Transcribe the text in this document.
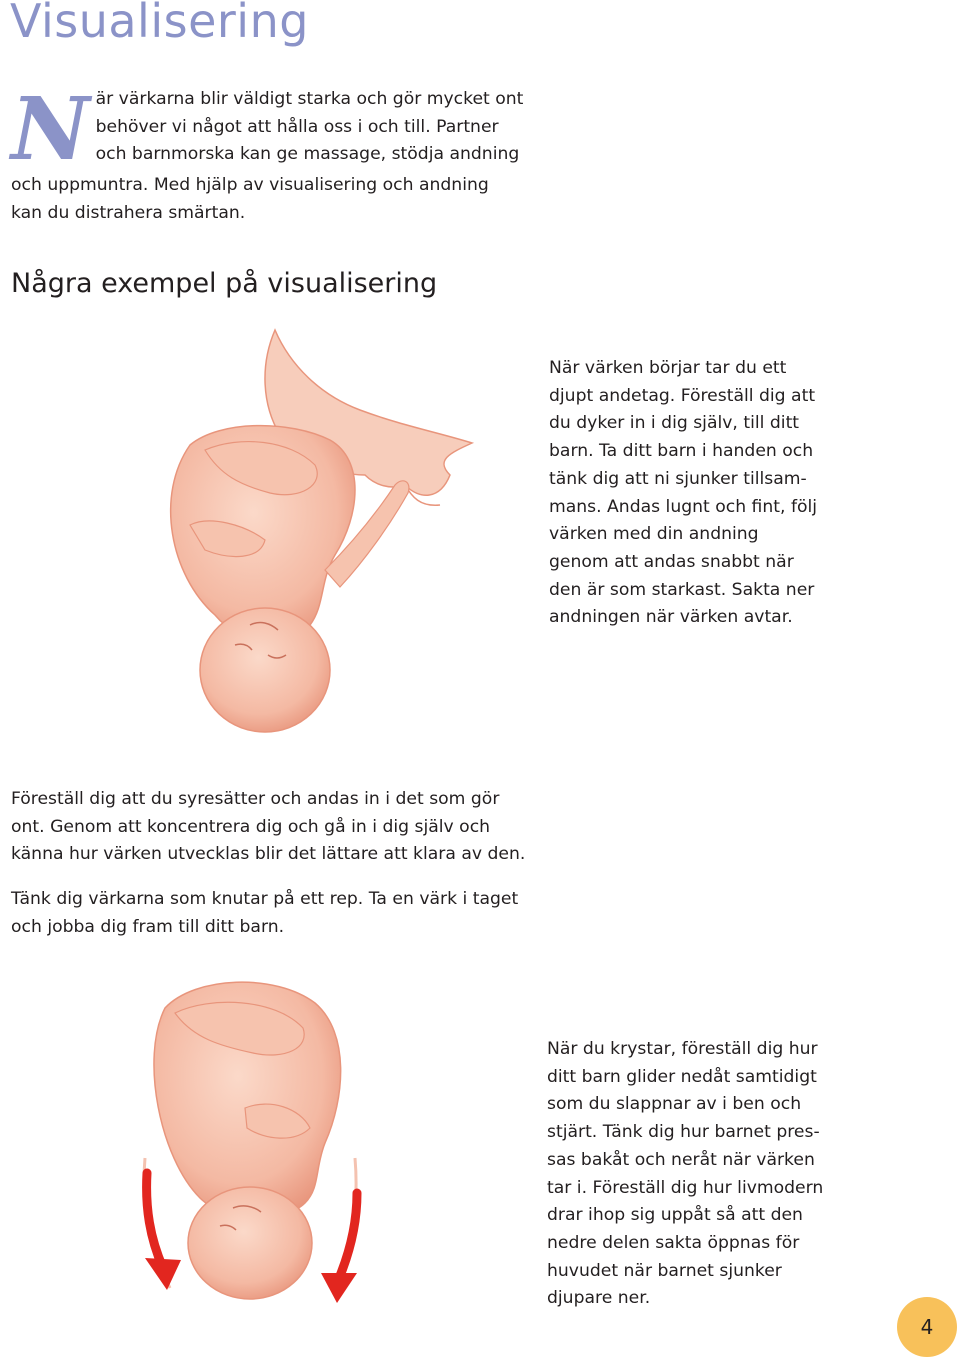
Visualisering
N är värkarna blir väldigt starka och gör mycket ont
behöver vi något att hålla oss i och till. Partner
och barnmorska kan ge massage, stödja andning
och uppmuntra. Med hjälp av visualisering och andning
kan du distrahera smärtan.
Några exempel på visualisering
När värken börjar tar du ett
djupt andetag. Föreställ dig att
du dyker in i dig själv, till ditt
barn. Ta ditt barn i handen och
tänk dig att ni sjunker tillsam-
mans. Andas lugnt och fint, följ
värken med din andning
genom att andas snabbt när
den är som starkast. Sakta ner
andningen när värken avtar.
Föreställ dig att du syresätter och andas in i det som gör
ont. Genom att koncentrera dig och gå in i dig själv och
känna hur värken utvecklas blir det lättare att klara av den.
Tänk dig värkarna som knutar på ett rep. Ta en värk i taget
och jobba dig fram till ditt barn.
När du krystar, föreställ dig hur
ditt barn glider nedåt samtidigt
som du slappnar av i ben och
stjärt. Tänk dig hur barnet pres-
sas bakåt och neråt när värken
tar i. Föreställ dig hur livmodern
drar ihop sig uppåt så att den
nedre delen sakta öppnas för
huvudet när barnet sjunker
djupare ner.
4
